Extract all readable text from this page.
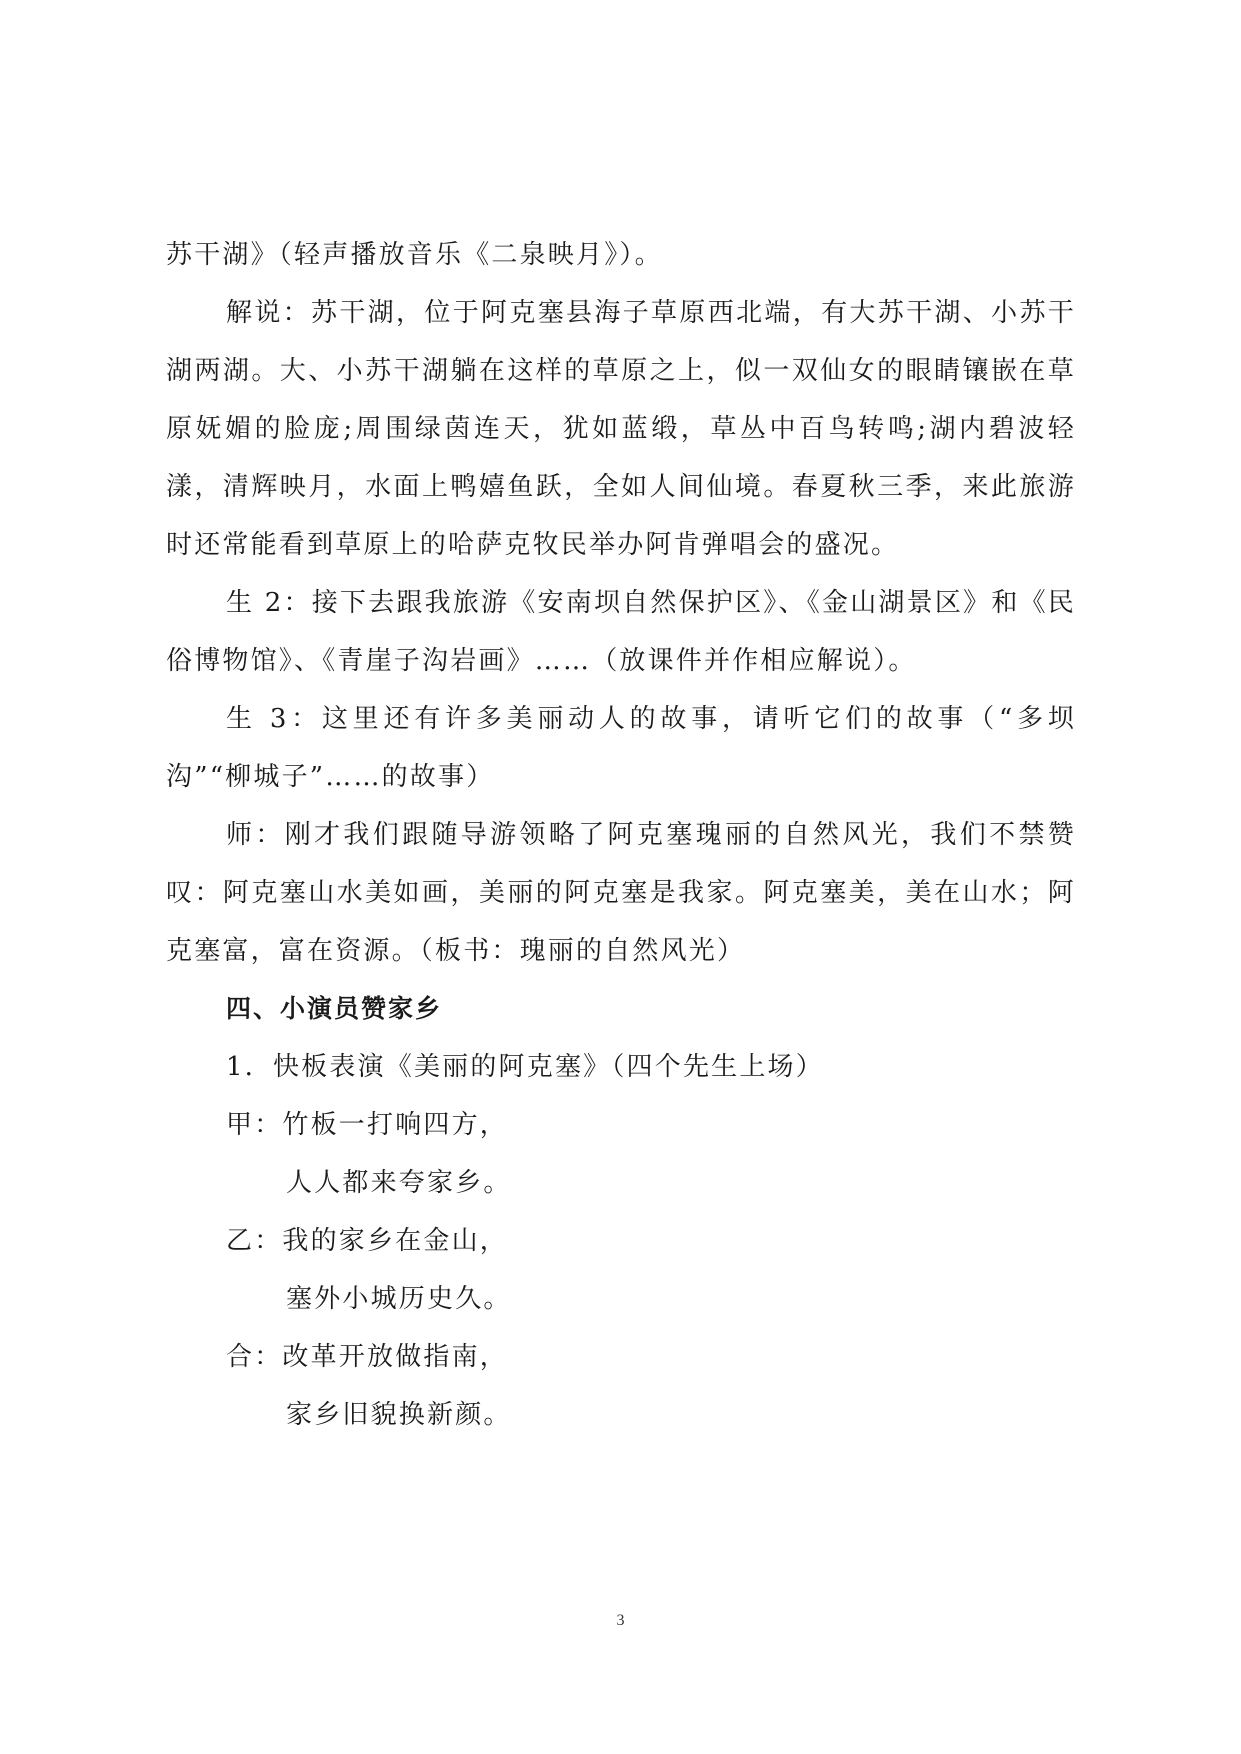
苏干湖》（轻声播放音乐《二泉映月》）。

解说：苏干湖，位于阿克塞县海子草原西北端，有大苏干湖、小苏干湖两湖。大、小苏干湖躺在这样的草原之上，似一双仙女的眼睛镶嵌在草原妩媚的脸庞;周围绿茵连天，犹如蓝缎，草丛中百鸟转鸣;湖内碧波轻漾，清辉映月，水面上鸭嬉鱼跃，全如人间仙境。春夏秋三季，来此旅游时还常能看到草原上的哈萨克牧民举办阿肯弹唱会的盛况。

生 2：接下去跟我旅游《安南坝自然保护区》、《金山湖景区》和《民俗博物馆》、《青崖子沟岩画》……（放课件并作相应解说）。

生 3：这里还有许多美丽动人的故事，请听它们的故事（“多坝沟”“柳城子”……的故事）

师：刚才我们跟随导游领略了阿克塞瑰丽的自然风光，我们不禁赞叹：阿克塞山水美如画，美丽的阿克塞是我家。阿克塞美，美在山水；阿克塞富，富在资源。（板书：瑰丽的自然风光）

四、小演员赞家乡

1．快板表演《美丽的阿克塞》（四个先生上场）

甲：竹板一打响四方，

人人都来夸家乡。

乙：我的家乡在金山，

塞外小城历史久。

合：改革开放做指南，

家乡旧貌换新颜。

3
